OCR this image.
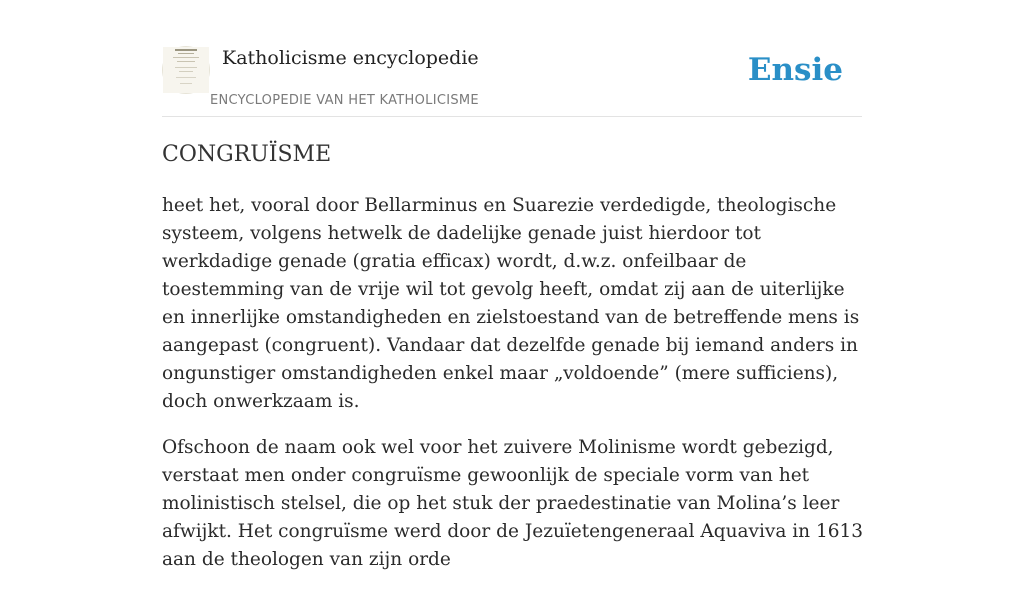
Katholicisme encyclopedie
ENCYCLOPEDIE VAN HET KATHOLICISME
Ensie
CONGRUÏSME

heet het, vooral door Bellarminus en Suarezie verdedigde, theologische systeem, volgens hetwelk de dadelijke genade juist hierdoor tot werkdadige genade (gratia efficax) wordt, d.w.z. onfeilbaar de toestemming van de vrije wil tot gevolg heeft, omdat zij aan de uiterlijke en innerlijke omstandigheden en zielstoestand van de betreffende mens is aangepast (congruent). Vandaar dat dezelfde genade bij iemand anders in ongunstiger omstandigheden enkel maar „voldoende” (mere sufficiens), doch onwerkzaam is.

Ofschoon de naam ook wel voor het zuivere Molinisme wordt gebezigd, verstaat men onder congruïsme gewoonlijk de speciale vorm van het molinistisch stelsel, die op het stuk der praedestinatie van Molina’s leer afwijkt. Het congruïsme werd door de Jezuïetengeneraal Aquaviva in 1613 aan de theologen van zijn orde
